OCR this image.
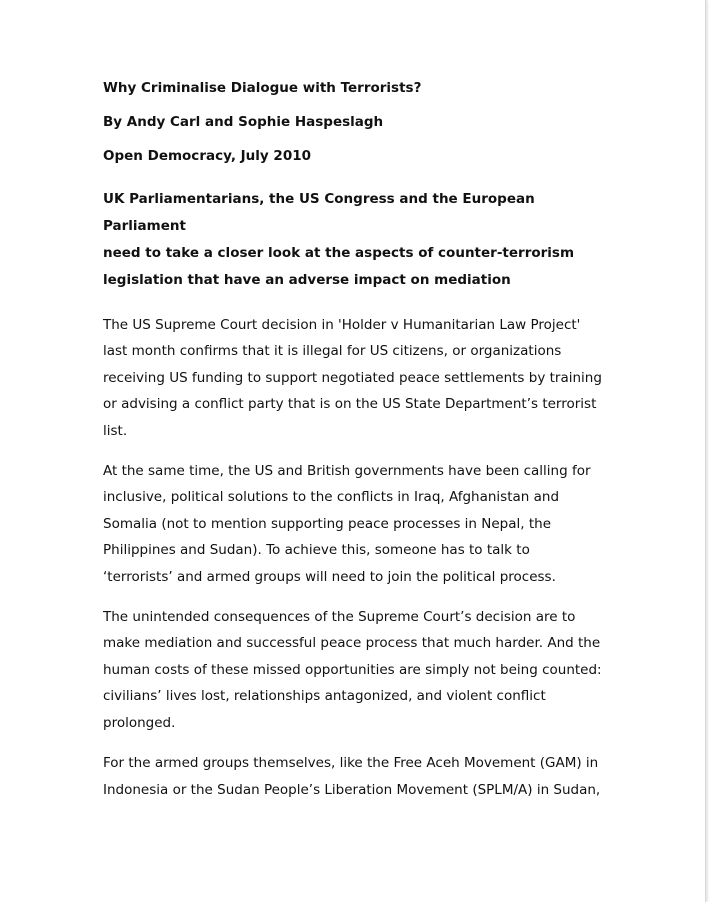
Why Criminalise Dialogue with Terrorists?
By Andy Carl and Sophie Haspeslagh
Open Democracy, July 2010
UK Parliamentarians, the US Congress and the European Parliament
need to take a closer look at the aspects of counter-terrorism
legislation that have an adverse impact on mediation
The US Supreme Court decision in 'Holder v Humanitarian Law Project'
last month confirms that it is illegal for US citizens, or organizations
receiving US funding to support negotiated peace settlements by training
or advising a conflict party that is on the US State Department’s terrorist
list.
At the same time, the US and British governments have been calling for
inclusive, political solutions to the conflicts in Iraq, Afghanistan and
Somalia (not to mention supporting peace processes in Nepal, the
Philippines and Sudan). To achieve this, someone has to talk to
‘terrorists’ and armed groups will need to join the political process.
The unintended consequences of the Supreme Court’s decision are to
make mediation and successful peace process that much harder. And the
human costs of these missed opportunities are simply not being counted:
civilians’ lives lost, relationships antagonized, and violent conflict
prolonged.
For the armed groups themselves, like the Free Aceh Movement (GAM) in
Indonesia or the Sudan People’s Liberation Movement (SPLM/A) in Sudan,
